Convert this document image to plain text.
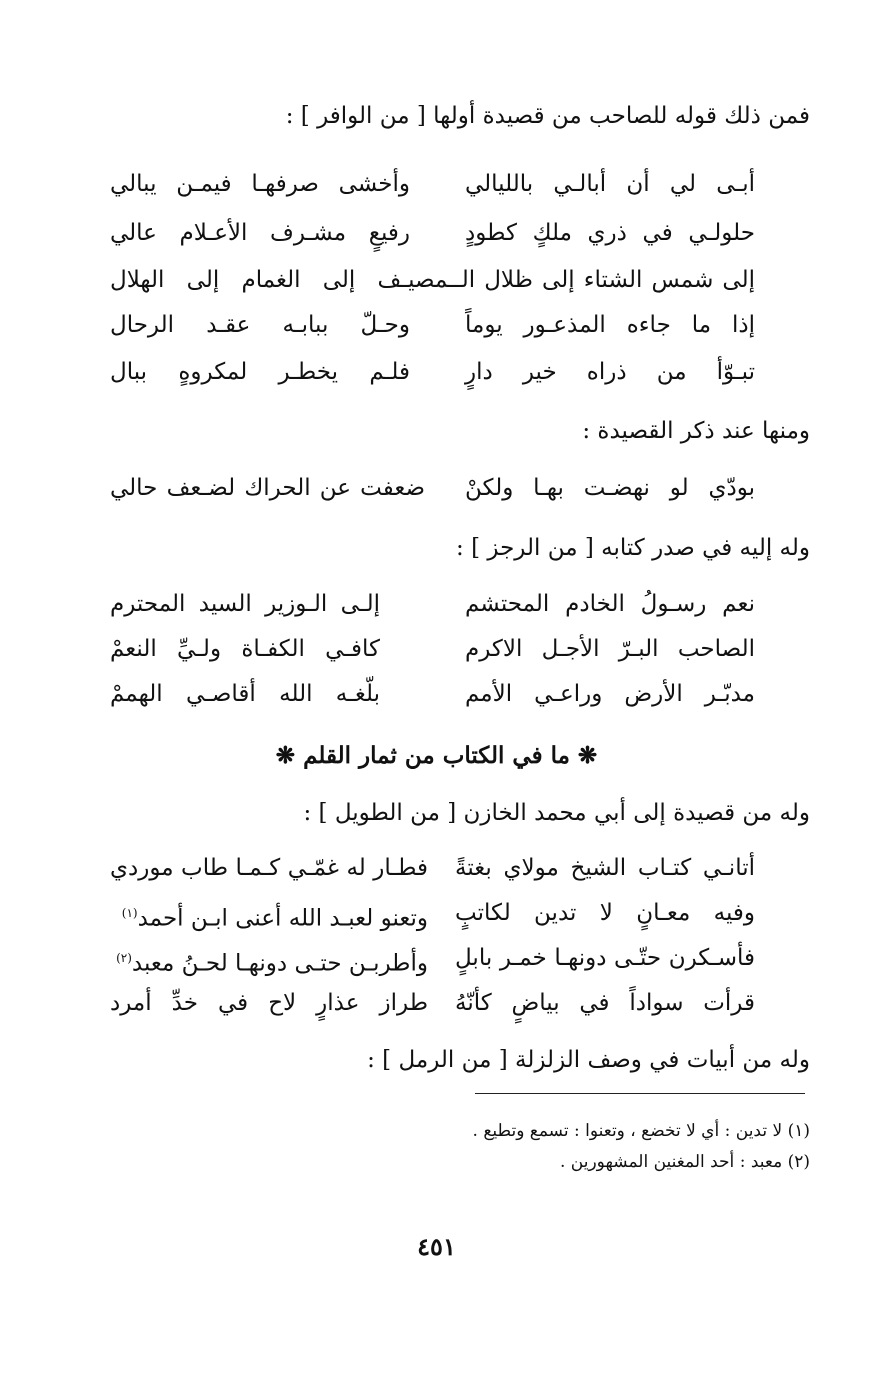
فمن ذلك قوله للصاحب من قصيدة أولها [ من الوافر ] :
أبـى لي أن أبالـي بالليالي
وأخشى صرفهـا فيمـن يبالي
حلولـي في ذري ملكٍ كطودٍ
رفيعٍ مشـرف الأعـلام عالي
إلى شمس الشتاء إلى ظلال الـ
ـمصيـف إلى الغمام إلى الهلال
إذا ما جاءه المذعـور يوماً
وحـلّ ببابـه عقـد الرحال
تبـوّأ من ذراه خير دارٍ
فلـم يخطـر لمكروهٍ ببال
ومنها عند ذكر القصيدة :
بودّي لو نهضـت بهـا ولكنْ
ضعفت عن الحراك لضـعف حالي
وله إليه في صدر كتابه [ من الرجز ] :
نعم رسـولُ الخادم المحتشم
إلـى الـوزير السيد المحترم
الصاحب البـرّ الأجـل الاكرم
كافـي الكفـاة ولـيِّ النعمْ
مدبّـر الأرض وراعـي الأمم
بلّغـه الله أقاصـي الهممْ
❋ ما في الكتاب من ثمار القلم ❋
وله من قصيدة إلى أبي محمد الخازن [ من الطويل ] :
أتانـي كتـاب الشيخ مولاي بغتةً
فطـار له غمّـي كـمـا طاب موردي
وفيه معـانٍ لا تدين لكاتبٍ
وتعنو لعبـد الله أعنى ابـن أحمد$^{(١)}$
فأسـكرن حتّـى دونهـا خمـر بابلٍ
وأطربـن حتـى دونهـا لحـنُ معبد$^{(٢)}$
قرأت سواداً في بياضٍ كأنّهُ
طراز عذارٍ لاح في خدِّ أمرد
وله من أبيات في وصف الزلزلة [ من الرمل ] :
(١) لا تدين : أي لا تخضع ، وتعنوا : تسمع وتطيع .
(٢) معبد : أحد المغنين المشهورين .
٤٥١
